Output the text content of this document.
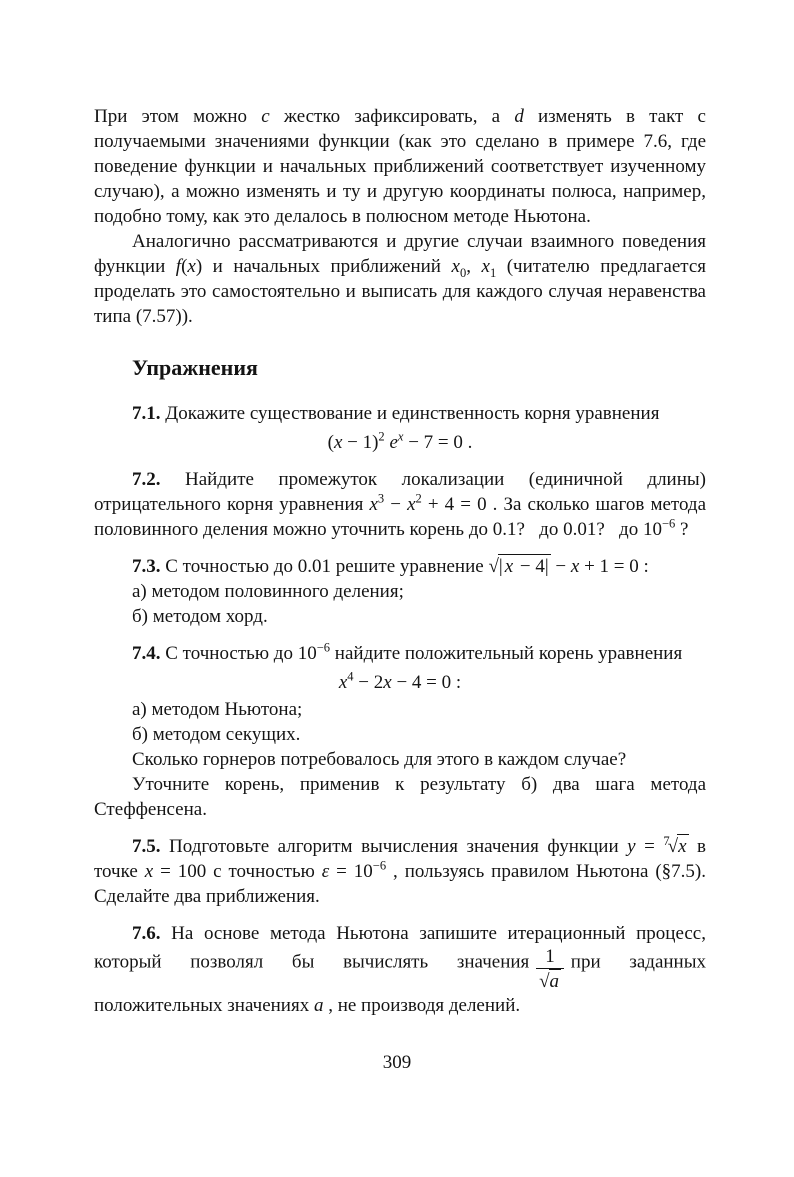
При этом можно c жестко зафиксировать, а d изменять в такт с получаемыми значениями функции (как это сделано в примере 7.6, где поведение функции и начальных приближений соответствует изученному случаю), а можно изменять и ту и другую координаты полюса, например, подобно тому, как это делалось в полюсном методе Ньютона.

Аналогично рассматриваются и другие случаи взаимного поведения функции f(x) и начальных приближений $x_0$, $x_1$ (читателю предлагается проделать это самостоятельно и выписать для каждого случая неравенства типа (7.57)).

Упражнения

7.1. Докажите существование и единственность корня уравнения

$(x - 1)^2$ $e^x - 7 = 0$ .

7.2. Найдите промежуток локализации (единичной длины) отрицательного корня уравнения $x^3 - x^2 + 4 = 0$ . За сколько шагов метода половинного деления можно уточнить корень до 0.1?   до 0.01?   до $10^{-6}$ ?

7.3. С точностью до 0.01 решите уравнение √| x − 4| − x + 1 = 0 :

а) методом половинного деления;

б) методом хорд.

7.4. С точностью до $10^{-6}$ найдите положительный корень уравнения

$x^4 - 2x - 4 = 0$ :

а) методом Ньютона;

б) методом секущих.

Сколько горнеров потребовалось для этого в каждом случае?

Уточните корень, применив к результату б) два шага метода Стеффенсена.

7.5. Подготовьте алгоритм вычисления значения функции y = $^7$√x в точке x = 100 с точностью $\varepsilon = 10^{-6}$ , пользуясь правилом Ньютона (§7.5). Сделайте два приближения.

7.6. На основе метода Ньютона запишите итерационный процесс, который позволял бы вычислять значения $\frac{1}{√a}$ при заданных положительных значениях a , не производя делений.

309
